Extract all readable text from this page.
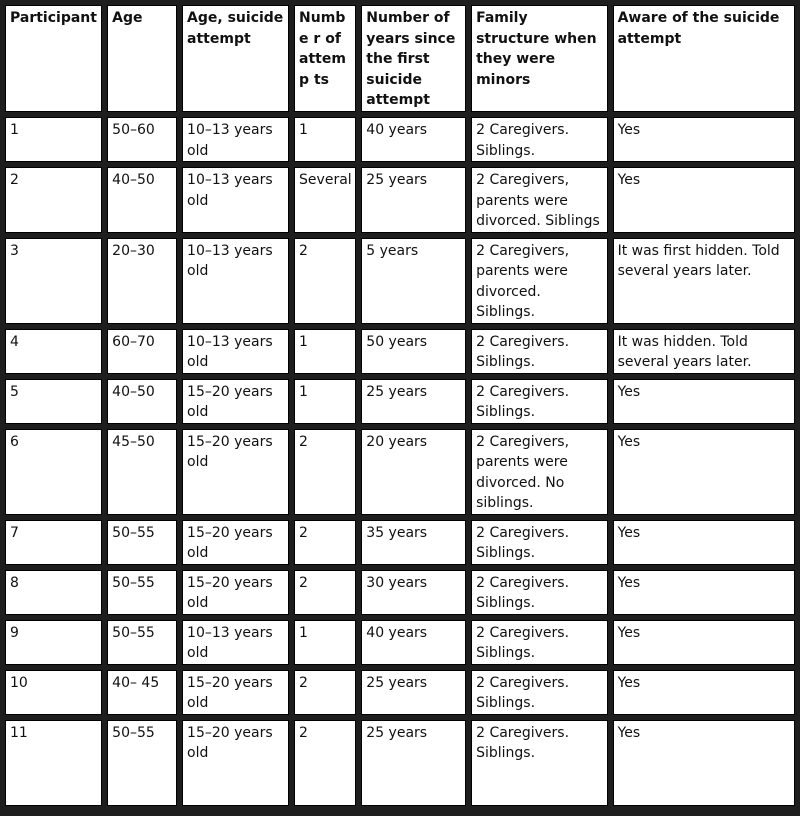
Participant	Age	Age, suicide attempt	Numbe r of attemp ts	Number of years since the first suicide attempt	Family structure when they were minors	Aware of the suicide attempt
1	50–60	10–13 years old	1	40 years	2 Caregivers. Siblings.	Yes
2	40–50	10–13 years old	Several	25 years	2 Caregivers, parents were divorced. Siblings	Yes
3	20–30	10–13 years old	2	5 years	2 Caregivers, parents were divorced. Siblings.	It was first hidden. Told several years later.
4	60–70	10–13 years old	1	50 years	2 Caregivers. Siblings.	It was hidden. Told several years later.
5	40–50	15–20 years old	1	25 years	2 Caregivers. Siblings.	Yes
6	45–50	15–20 years old	2	20 years	2 Caregivers, parents were divorced. No siblings.	Yes
7	50–55	15–20 years old	2	35 years	2 Caregivers. Siblings.	Yes
8	50–55	15–20 years old	2	30 years	2 Caregivers. Siblings.	Yes
9	50–55	10–13 years old	1	40 years	2 Caregivers. Siblings.	Yes
10	40– 45	15–20 years old	2	25 years	2 Caregivers. Siblings.	Yes
11	50–55	15–20 years old	2	25 years	2 Caregivers. Siblings.	Yes
